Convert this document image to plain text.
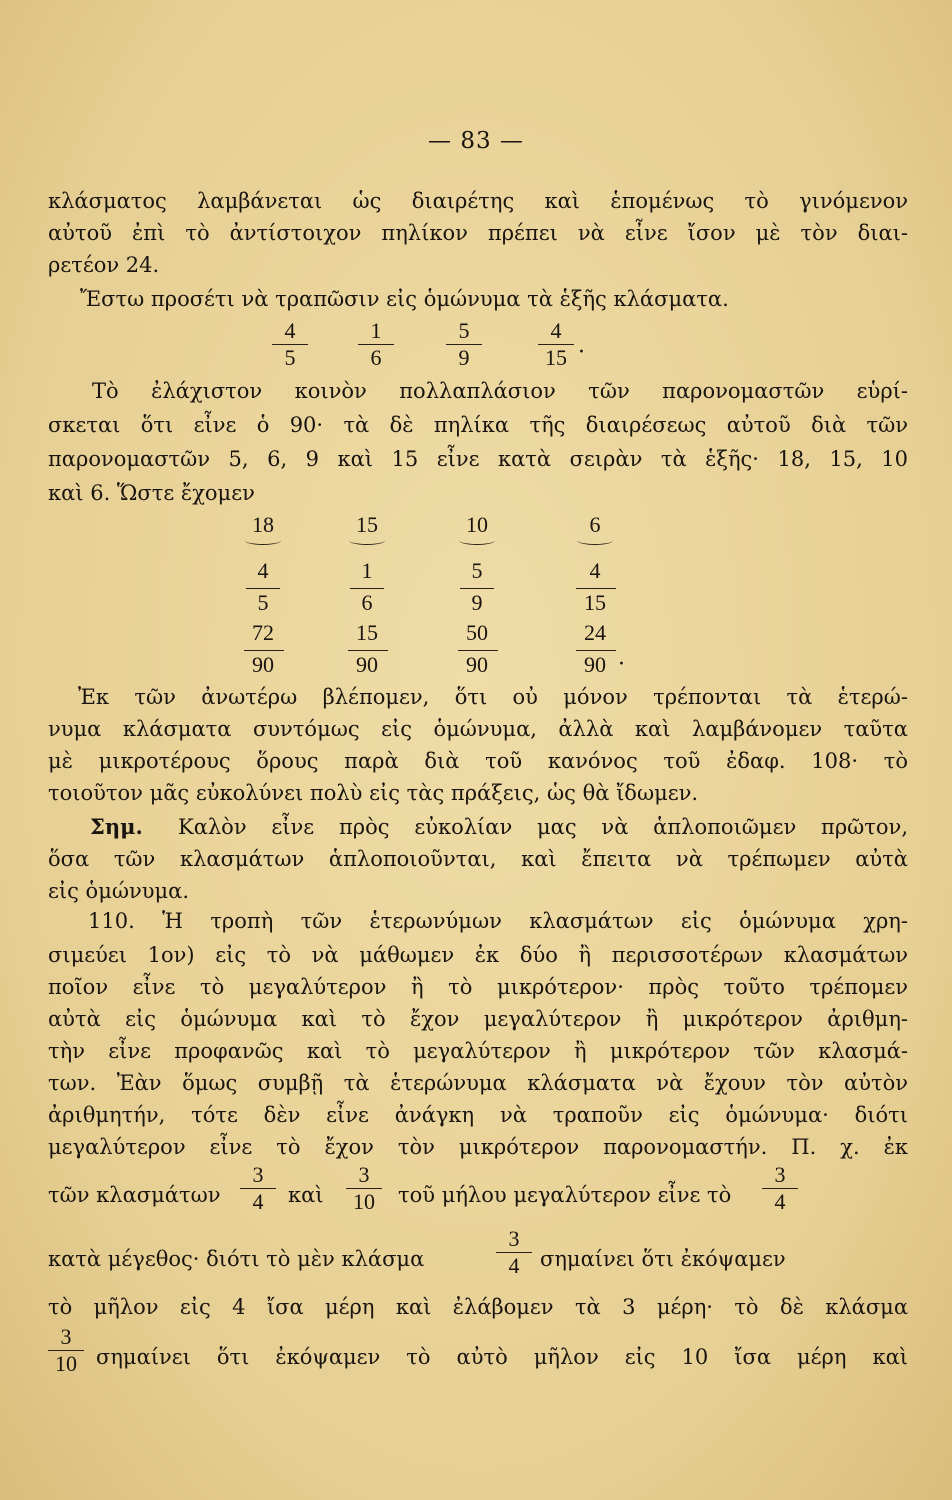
— 83 —
κλάσματος λαμβάνεται ὡς διαιρέτης καὶ ἑπομένως τὸ γινόμενον
αὐτοῦ ἐπὶ τὸ ἀντίστοιχον πηλίκον πρέπει νὰ εἶνε ἴσον μὲ τὸν διαι-
ρετέον 24.
Ἔστω προσέτι νὰ τραπῶσιν εἰς ὁμώνυμα τὰ ἑξῆς κλάσματα.
$\frac{4}{5} \frac{1}{6} \frac{5}{9}$	$\frac{4}{15}$ ·
Τὸ ἐλάχιστον κοινὸν πολλαπλάσιον τῶν παρονομαστῶν εὑρί-
σκεται ὅτι εἶνε ὁ 90· τὰ δὲ πηλίκα τῆς διαιρέσεως αὐτοῦ διὰ τῶν
παρονομαστῶν 5, 6, 9 καὶ 15 εἶνε κατὰ σειρὰν τὰ ἑξῆς· 18, 15, 10
καὶ 6. Ὥστε ἔχομεν
18	15	10	6
4	1	5	4
5	6	9	15
72	15	50	24
90	90	90	90 ·
Ἐκ τῶν ἀνωτέρω βλέπομεν, ὅτι οὐ μόνον τρέπονται τὰ ἑτερώ-
νυμα κλάσματα συντόμως εἰς ὁμώνυμα, ἀλλὰ καὶ λαμβάνομεν ταῦτα
μὲ μικροτέρους ὅρους παρὰ διὰ τοῦ κανόνος τοῦ ἐδαφ. 108· τὸ
τοιοῦτον μᾶς εὐκολύνει πολὺ εἰς τὰς πράξεις, ὡς θὰ ἴδωμεν.
Σημ.	Καλὸν εἶνε πρὸς εὐκολίαν μας νὰ ἁπλοποιῶμεν πρῶτον,
ὅσα τῶν κλασμάτων ἁπλοποιοῦνται, καὶ ἔπειτα νὰ τρέπωμεν αὐτὰ
εἰς ὁμώνυμα.
110. Ἡ τροπὴ τῶν ἑτερωνύμων κλασμάτων εἰς ὁμώνυμα χρη-
σιμεύει 1ον) εἰς τὸ νὰ μάθωμεν ἐκ δύο ἢ περισσοτέρων κλασμάτων
ποῖον εἶνε τὸ μεγαλύτερον ἢ τὸ μικρότερον· πρὸς τοῦτο τρέπομεν
αὐτὰ εἰς ὁμώνυμα καὶ τὸ ἔχον μεγαλύτερον ἢ μικρότερον ἀριθμη-
τὴν εἶνε προφανῶς καὶ τὸ μεγαλύτερον ἢ μικρότερον τῶν κλασμά-
των. Ἐὰν ὅμως συμβῇ τὰ ἑτερώνυμα κλάσματα νὰ ἔχουν τὸν αὐτὸν
ἀριθμητήν, τότε δὲν εἶνε ἀνάγκη νὰ τραποῦν εἰς ὁμώνυμα· διότι
μεγαλύτερον εἶνε τὸ ἔχον τὸν μικρότερον παρονομαστήν. Π. χ. ἐκ
τῶν κλασμάτων $\frac{3}{4}$ καὶ	$\frac{3}{10}$ τοῦ μήλου μεγαλύτερον εἶνε τὸ	$\frac{3}{4}$
κατὰ μέγεθος· διότι τὸ μὲν κλάσμα	$\frac{3}{4}$ σημαίνει ὅτι ἐκόψαμεν
τὸ μῆλον εἰς 4 ἴσα μέρη καὶ ἐλάβομεν τὰ 3 μέρη· τὸ δὲ κλάσμα
$\frac{3}{10}$ σημαίνει ὅτι ἐκόψαμεν τὸ αὐτὸ μῆλον εἰς 10 ἴσα μέρη καὶ
